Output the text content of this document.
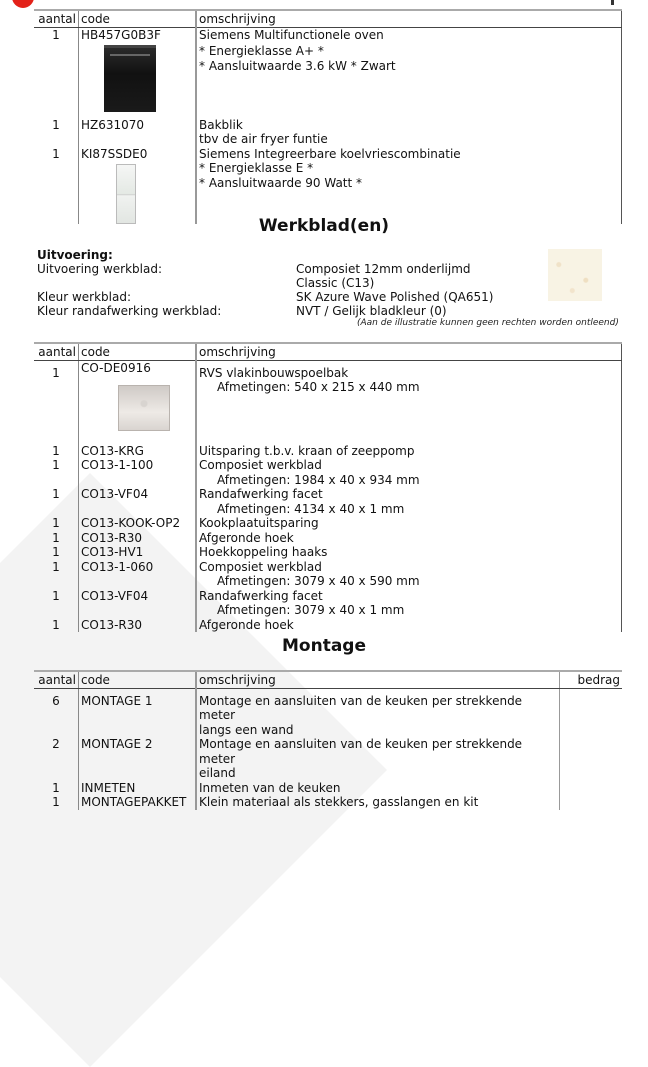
aantal	code	omschrijving
1	HB457G0B3F	Siemens Multifunctionele oven
* Energieklasse A+ *
* Aansluitwaarde 3.6 kW * Zwart

1	HZ631070	Bakblik
tbv de air fryer funtie

1	KI87SSDE0	Siemens Integreerbare koelvriescombinatie
* Energieklasse E *
* Aansluitwaarde 90 Watt *
Werkblad(en)
Uitvoering:
Uitvoering werkblad:	Composiet 12mm onderlijmd
Classic (C13)
Kleur werkblad:	SK Azure Wave Polished (QA651)
Kleur randafwerking werkblad:	NVT / Gelijk bladkleur (0)
(Aan de illustratie kunnen geen rechten worden ontleend)
aantal	code	omschrijving
1	CO-DE0916	RVS vlakinbouwspoelbak
Afmetingen: 540 x 215 x 440 mm

1	CO13-KRG	Uitsparing t.b.v. kraan of zeeppomp
1	CO13-1-100	Composiet werkblad
Afmetingen: 1984 x 40 x 934 mm

1	CO13-VF04	Randafwerking facet
Afmetingen: 4134 x 40 x 1 mm

1	CO13-KOOK-OP2	Kookplaatuitsparing
1	CO13-R30	Afgeronde hoek
1	CO13-HV1	Hoekkoppeling haaks
1	CO13-1-060	Composiet werkblad
Afmetingen: 3079 x 40 x 590 mm

1	CO13-VF04	Randafwerking facet
Afmetingen: 3079 x 40 x 1 mm

1	CO13-R30	Afgeronde hoek
Montage
aantal	code	omschrijving	bedrag
6	MONTAGE 1	Montage en aansluiten van de keuken per strekkende meter
langs een wand	

2	MONTAGE 2	Montage en aansluiten van de keuken per strekkende meter
eiland	

1	INMETEN	Inmeten van de keuken	
1	MONTAGEPAKKET	Klein materiaal als stekkers, gasslangen en kit	
